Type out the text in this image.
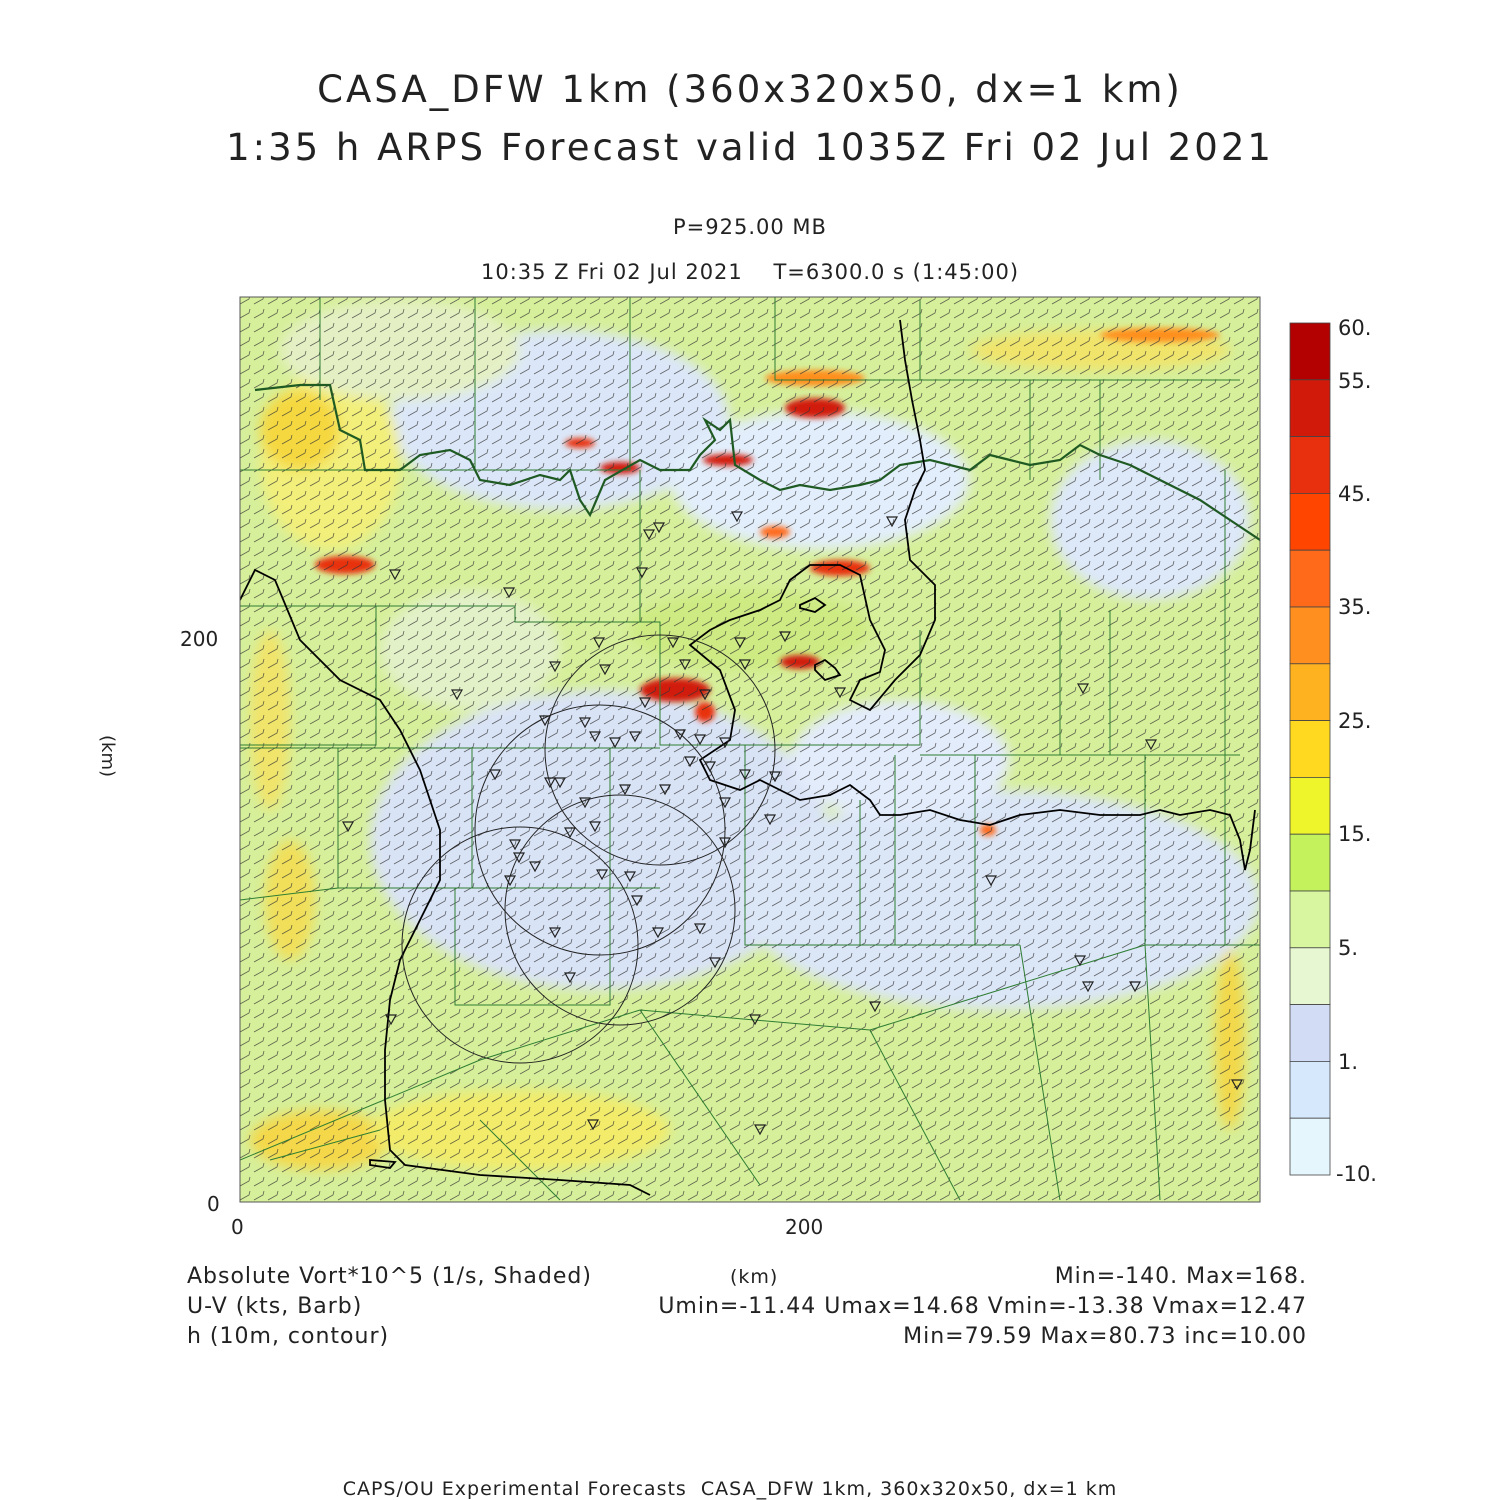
CASA_DFW 1km (360x320x50, dx=1 km)
1:35 h ARPS Forecast valid 1035Z Fri 02 Jul 2021
P=925.00 MB
10:35 Z Fri 02 Jul 2021    T=6300.0 s (1:45:00)
200
0
0	200
(km)
60.
55.
45.
35.
25.
15.
5.
1.
-10.
Absolute Vort*10^5 (1/s, Shaded)
U-V (kts, Barb)
h (10m, contour)
(km)	Min=-140. Max=168.
Umin=-11.44 Umax=14.68 Vmin=-13.38 Vmax=12.47
Min=79.59 Max=80.73 inc=10.00
CAPS/OU Experimental Forecasts  CASA_DFW 1km, 360x320x50, dx=1 km
